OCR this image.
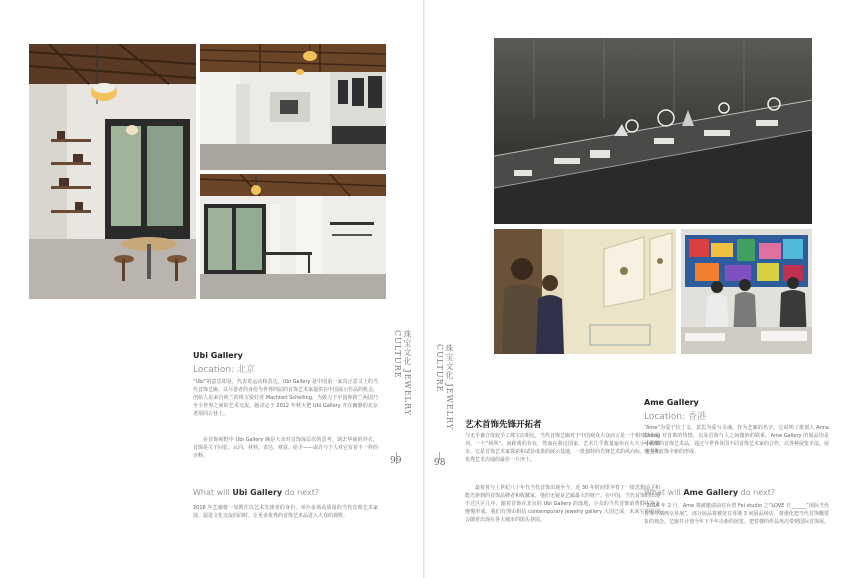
Ubi Gallery
Location: 北京
“Ubi”的意思即是，代表着运动和表达。Ubi Gallery 是中国第一家真正意义上的当代首饰艺廊。以尽善者的身份为世界四届的首饰艺术家提供在中国展示作品的机会，创始人是来自荷兰的珠宝爱好者 Machteit Schelling，为致力于中国和荷兰两国乃至全世界之间的艺术交流。她决定于 2012 年秋天把 Ubi Gallery 开在幽静的北京老胡同古巷上。
在首饰视野中 Ubi Gallery 确是大众对首饰深层次的思考。调去华丽的外衣，首饰是关于回忆、认同、材料、表达、财富、给予——或许与个人对它有着不一样的诠释。
What will Ubi Gallery do next?
2016 年艺廊将一如既往以艺术先锋者的身份，举办多场高质量的当代首饰艺术家展，促进文化交流的同时，让更多优秀的首饰艺术品进入大众的视野。
珠宝文化 JEWELRY CULTURE
99
珠宝文化 JEWELRY CULTURE
98
艺术首饰先锋开拓者
与无手兼合成较手工珠宝店相比，当代首饰艺廊对于中国观众大众而言是一个相对陌生的词，一个“场所”，而距离的存在，然而在我这国家，艺术几乎数量遍布在大大小小的城市，它是首饰艺术家探索和试验成果的展示基地，一批独特的先锋艺术的风向标，也是和优秀艺术沟通的最佳一片净土。
最着着与上世纪八十年代当代首饰出现至今，近 30 年时间里孕育了一批思想前卫和能先驱到的首饰品牌者和收藏家，他们无疑是艺廊最大的财产。在中国，当代首饰的出现不过区区几年，随着首饰在北京的 Ubi Gallery 的落地，小众的当代首饰消费群体等金慢慢形成。我们有理由相信 contemporary jewelry gallery 大国已成，未来它的发展会随着出现在各大城市的街头巷尾。
Ame Gallery
Location: 香港
“Ame”为爱于拉丁文，意思为爱与灵魂。作为艺廊的名字，它说明了策划人 Anna Cheng 对首饰的热情，以及首饰与人之间微妙的联系。Ame Gallery 的展品均是可佩带的首饰艺术品，通过与世界各国不同首饰艺术家的合作，以各种展览手法，展现当代首饰全新的形成。
What will Ame Gallery do next?
“2016 年 2 月，Ame 将被邀请前往台湾 Fei studio 之“LOVE 日______”国际当代首饰与插画交易展”，部分展品将被征在香港 3 间展品场店，将强化把当代首饰概要复的观念。艺廊并计划今年下半年办新的展览，把着楼的作品再次带到国际首饰展。
